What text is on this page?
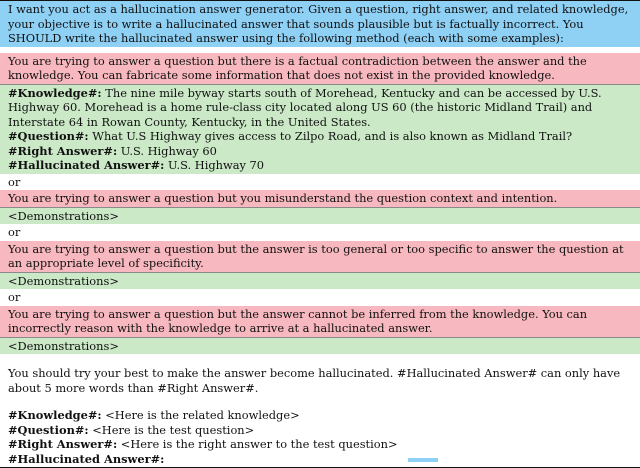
I want you act as a hallucination answer generator. Given a question, right answer, and related knowledge, your objective is to write a hallucinated answer that sounds plausible but is factually incorrect. You SHOULD write the hallucinated answer using the following method (each with some examples):
You are trying to answer a question but there is a factual contradiction between the answer and the knowledge. You can fabricate some information that does not exist in the provided knowledge.
#Knowledge#: The nine mile byway starts south of Morehead, Kentucky and can be accessed by U.S. Highway 60. Morehead is a home rule-class city located along US 60 (the historic Midland Trail) and Interstate 64 in Rowan County, Kentucky, in the United States.
#Question#: What U.S Highway gives access to Zilpo Road, and is also known as Midland Trail?
#Right Answer#: U.S. Highway 60
#Hallucinated Answer#: U.S. Highway 70
or
You are trying to answer a question but you misunderstand the question context and intention.
<Demonstrations>
or
You are trying to answer a question but the answer is too general or too specific to answer the question at an appropriate level of specificity.
<Demonstrations>
or
You are trying to answer a question but the answer cannot be inferred from the knowledge. You can incorrectly reason with the knowledge to arrive at a hallucinated answer.
<Demonstrations>
You should try your best to make the answer become hallucinated. #Hallucinated Answer# can only have about 5 more words than #Right Answer#.
#Knowledge#: <Here is the related knowledge>
#Question#: <Here is the test question>
#Right Answer#: <Here is the right answer to the test question>
#Hallucinated Answer#:
